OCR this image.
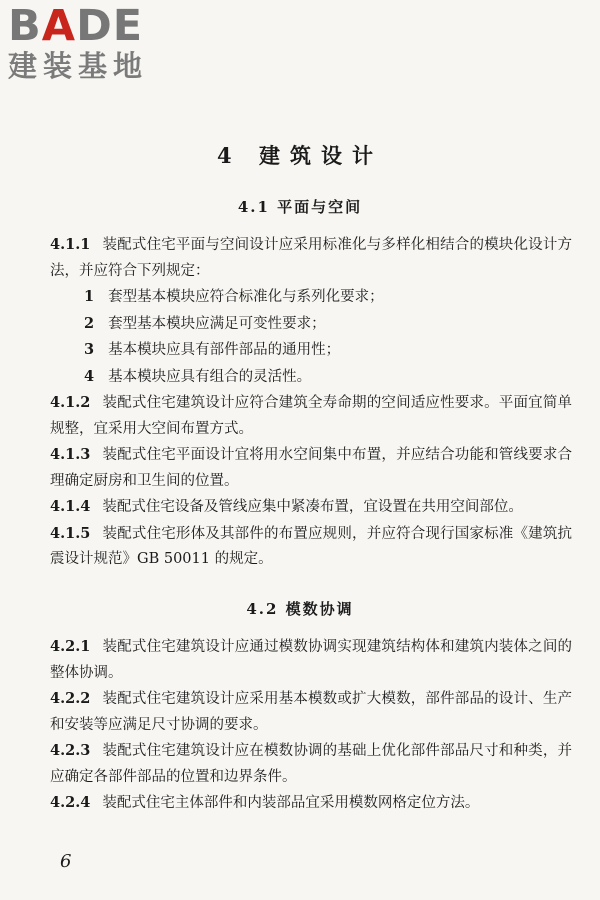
BADE
建装基地
4 建筑设计
4.1 平面与空间
4.1.1 装配式住宅平面与空间设计应采用标准化与多样化相结合的模块化设计方法，并应符合下列规定：
1 套型基本模块应符合标准化与系列化要求；
2 套型基本模块应满足可变性要求；
3 基本模块应具有部件部品的通用性；
4 基本模块应具有组合的灵活性。
4.1.2 装配式住宅建筑设计应符合建筑全寿命期的空间适应性要求。平面宜简单规整，宜采用大空间布置方式。
4.1.3 装配式住宅平面设计宜将用水空间集中布置，并应结合功能和管线要求合理确定厨房和卫生间的位置。
4.1.4 装配式住宅设备及管线应集中紧凑布置，宜设置在共用空间部位。
4.1.5 装配式住宅形体及其部件的布置应规则，并应符合现行国家标准《建筑抗震设计规范》GB 50011 的规定。
4.2 模数协调
4.2.1 装配式住宅建筑设计应通过模数协调实现建筑结构体和建筑内装体之间的整体协调。
4.2.2 装配式住宅建筑设计应采用基本模数或扩大模数，部件部品的设计、生产和安装等应满足尺寸协调的要求。
4.2.3 装配式住宅建筑设计应在模数协调的基础上优化部件部品尺寸和种类，并应确定各部件部品的位置和边界条件。
4.2.4 装配式住宅主体部件和内装部品宜采用模数网格定位方法。
6
